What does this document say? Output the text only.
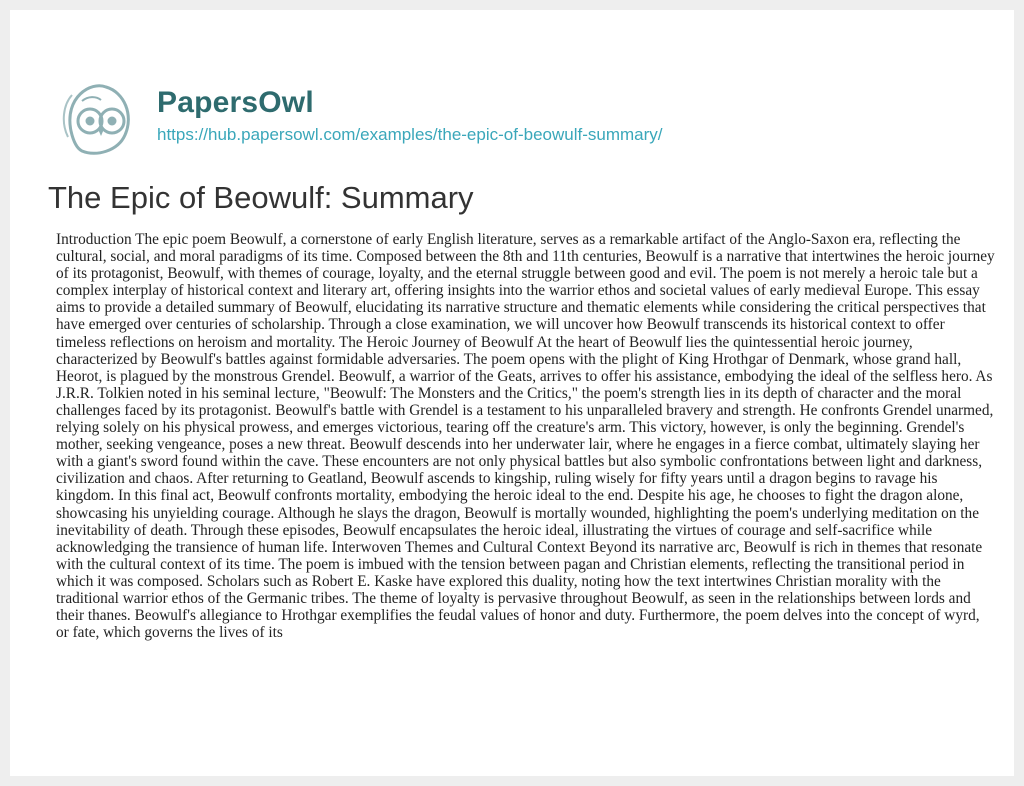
PapersOwl
https://hub.papersowl.com/examples/the-epic-of-beowulf-summary/
The Epic of Beowulf: Summary

Introduction The epic poem Beowulf, a cornerstone of early English literature, serves as a remarkable artifact of the Anglo-Saxon era, reflecting the cultural, social, and moral paradigms of its time. Composed between the 8th and 11th centuries, Beowulf is a narrative that intertwines the heroic journey of its protagonist, Beowulf, with themes of courage, loyalty, and the eternal struggle between good and evil. The poem is not merely a heroic tale but a complex interplay of historical context and literary art, offering insights into the warrior ethos and societal values of early medieval Europe. This essay aims to provide a detailed summary of Beowulf, elucidating its narrative structure and thematic elements while considering the critical perspectives that have emerged over centuries of scholarship. Through a close examination, we will uncover how Beowulf transcends its historical context to offer timeless reflections on heroism and mortality. The Heroic Journey of Beowulf At the heart of Beowulf lies the quintessential heroic journey, characterized by Beowulf's battles against formidable adversaries. The poem opens with the plight of King Hrothgar of Denmark, whose grand hall, Heorot, is plagued by the monstrous Grendel. Beowulf, a warrior of the Geats, arrives to offer his assistance, embodying the ideal of the selfless hero. As J.R.R. Tolkien noted in his seminal lecture, "Beowulf: The Monsters and the Critics," the poem's strength lies in its depth of character and the moral challenges faced by its protagonist. Beowulf's battle with Grendel is a testament to his unparalleled bravery and strength. He confronts Grendel unarmed, relying solely on his physical prowess, and emerges victorious, tearing off the creature's arm. This victory, however, is only the beginning. Grendel's mother, seeking vengeance, poses a new threat. Beowulf descends into her underwater lair, where he engages in a fierce combat, ultimately slaying her with a giant's sword found within the cave. These encounters are not only physical battles but also symbolic confrontations between light and darkness, civilization and chaos. After returning to Geatland, Beowulf ascends to kingship, ruling wisely for fifty years until a dragon begins to ravage his kingdom. In this final act, Beowulf confronts mortality, embodying the heroic ideal to the end. Despite his age, he chooses to fight the dragon alone, showcasing his unyielding courage. Although he slays the dragon, Beowulf is mortally wounded, highlighting the poem's underlying meditation on the inevitability of death. Through these episodes, Beowulf encapsulates the heroic ideal, illustrating the virtues of courage and self-sacrifice while acknowledging the transience of human life. Interwoven Themes and Cultural Context Beyond its narrative arc, Beowulf is rich in themes that resonate with the cultural context of its time. The poem is imbued with the tension between pagan and Christian elements, reflecting the transitional period in which it was composed. Scholars such as Robert E. Kaske have explored this duality, noting how the text intertwines Christian morality with the traditional warrior ethos of the Germanic tribes. The theme of loyalty is pervasive throughout Beowulf, as seen in the relationships between lords and their thanes. Beowulf's allegiance to Hrothgar exemplifies the feudal values of honor and duty. Furthermore, the poem delves into the concept of wyrd, or fate, which governs the lives of its
